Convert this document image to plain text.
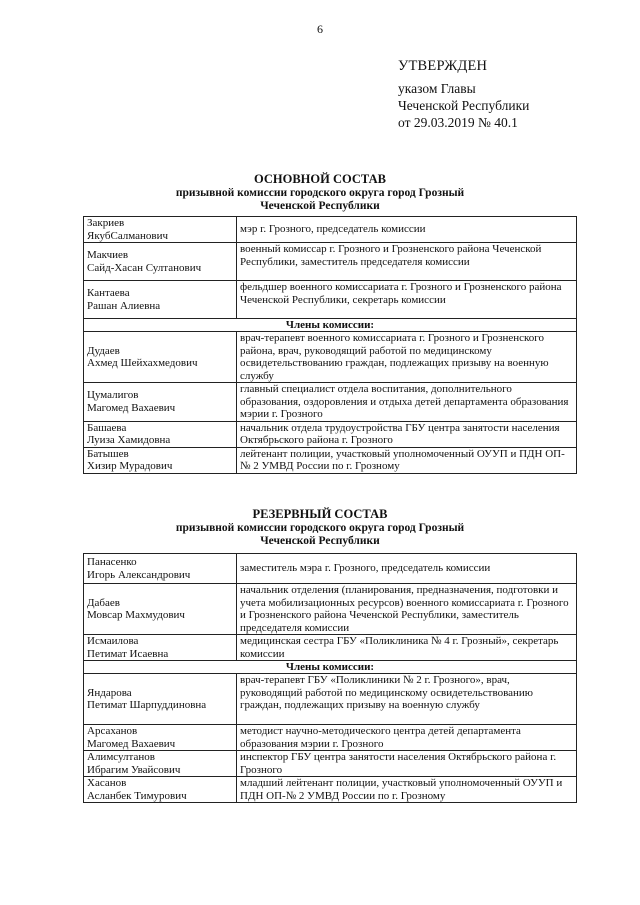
6
УТВЕРЖДЕН
указом Главы
Чеченской Республики
от 29.03.2019 № 40.1
ОСНОВНОЙ СОСТАВ
призывной комиссии городского округа город Грозный
Чеченской Республики
Закриев
ЯкубСалманович	мэр г. Грозного, председатель комиссии

Макчиев
Сайд-Хасан Султанович	военный комиссар г. Грозного и Грозненского района Чеченской Республики, заместитель председателя комиссии

Кантаева
Рашан Алиевна	фельдшер военного комиссариата г. Грозного и Грозненского района Чеченской Республики, секретарь комиссии
Члены комиссии:	

Дудаев
Ахмед Шейхахмедович	врач-терапевт военного комиссариата г. Грозного и Грозненского района, врач, руководящий работой по медицинскому освидетельствованию граждан, подлежащих призыву на военную службу

Цумалигов
Магомед Вахаевич	главный специалист отдела воспитания, дополнительного образования, оздоровления и отдыха детей департамента образования мэрии г. Грозного

Башаева
Луиза Хамидовна	начальник отдела трудоустройства ГБУ центра занятости населения Октябрьского района г. Грозного

Батышев
Хизир Мурадович	лейтенант полиции, участковый уполномоченный ОУУП и ПДН ОП-№ 2 УМВД России по г. Грозному
РЕЗЕРВНЫЙ СОСТАВ
призывной комиссии городского округа город Грозный
Чеченской Республики
Панасенко
Игорь Александрович	заместитель мэра г. Грозного, председатель комиссии

Дабаев
Мовсар Махмудович	начальник отделения (планирования, предназначения, подготовки и учета мобилизационных ресурсов) военного комиссариата г. Грозного и Грозненского района Чеченской Республики, заместитель председателя комиссии

Исмаилова
Петимат Исаевна	медицинская сестра ГБУ «Поликлиника № 4 г. Грозный», секретарь комиссии
Члены комиссии:	

Яндарова
Петимат Шарпуддиновна	врач-терапевт ГБУ «Поликлиники № 2 г. Грозного», врач, руководящий работой по медицинскому освидетельствованию граждан, подлежащих призыву на военную службу

Арсаханов
Магомед Вахаевич	методист научно-методического центра детей департамента образования мэрии г. Грозного

Алимсултанов
Ибрагим Увайсович	инспектор ГБУ центра занятости населения Октябрьского района г. Грозного

Хасанов
Асланбек Тимурович	младший лейтенант полиции, участковый уполномоченный ОУУП и ПДН ОП-№ 2 УМВД России по г. Грозному
